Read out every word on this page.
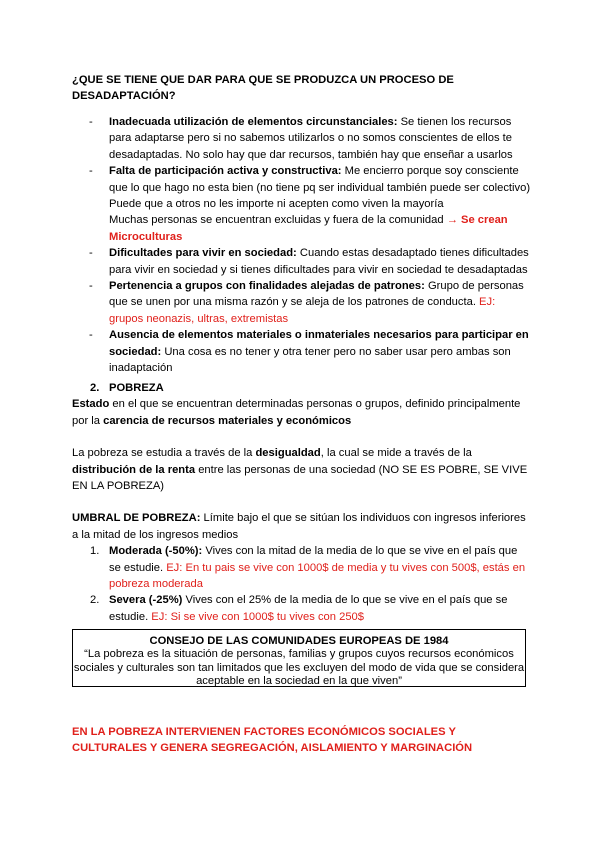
¿QUE SE TIENE QUE DAR PARA QUE SE PRODUZCA UN PROCESO DE
DESADAPTACIÓN?
- Inadecuada utilización de elementos circunstanciales: Se tienen los recursos para adaptarse pero si no sabemos utilizarlos o no somos conscientes de ellos te desadaptadas. No solo hay que dar recursos, también hay que enseñar a usarlos
- Falta de participación activa y constructiva: Me encierro porque soy consciente que lo que hago no esta bien (no tiene pq ser individual también puede ser colectivo) Puede que a otros no les importe ni acepten como viven la mayoría
Muchas personas se encuentran excluidas y fuera de la comunidad → Se crean Microculturas
- Dificultades para vivir en sociedad: Cuando estas desadaptado tienes dificultades para vivir en sociedad y si tienes dificultades para vivir en sociedad te desadaptadas
- Pertenencia a grupos con finalidades alejadas de patrones: Grupo de personas que se unen por una misma razón y se aleja de los patrones de conducta. EJ: grupos neonazis, ultras, extremistas
- Ausencia de elementos materiales o inmateriales necesarios para participar en sociedad: Una cosa es no tener y otra tener pero no saber usar pero ambas son inadaptación
2. POBREZA
Estado en el que se encuentran determinadas personas o grupos, definido principalmente por la carencia de recursos materiales y económicos
La pobreza se estudia a través de la desigualdad, la cual se mide a través de la distribución de la renta entre las personas de una sociedad (NO SE ES POBRE, SE VIVE EN LA POBREZA)
UMBRAL DE POBREZA: Límite bajo el que se sitúan los individuos con ingresos inferiores a la mitad de los ingresos medios
1. Moderada (-50%): Vives con la mitad de la media de lo que se vive en el país que se estudie. EJ: En tu pais se vive con 1000$ de media y tu vives con 500$, estás en pobreza moderada
2. Severa (-25%) Vives con el 25% de la media de lo que se vive en el país que se estudie. EJ: Si se vive con 1000$ tu vives con 250$
CONSEJO DE LAS COMUNIDADES EUROPEAS DE 1984
“La pobreza es la situación de personas, familias y grupos cuyos recursos económicos sociales y culturales son tan limitados que les excluyen del modo de vida que se considera aceptable en la sociedad en la que viven”
EN LA POBREZA INTERVIENEN FACTORES ECONÓMICOS SOCIALES Y CULTURALES Y GENERA SEGREGACIÓN, AISLAMIENTO Y MARGINACIÓN
